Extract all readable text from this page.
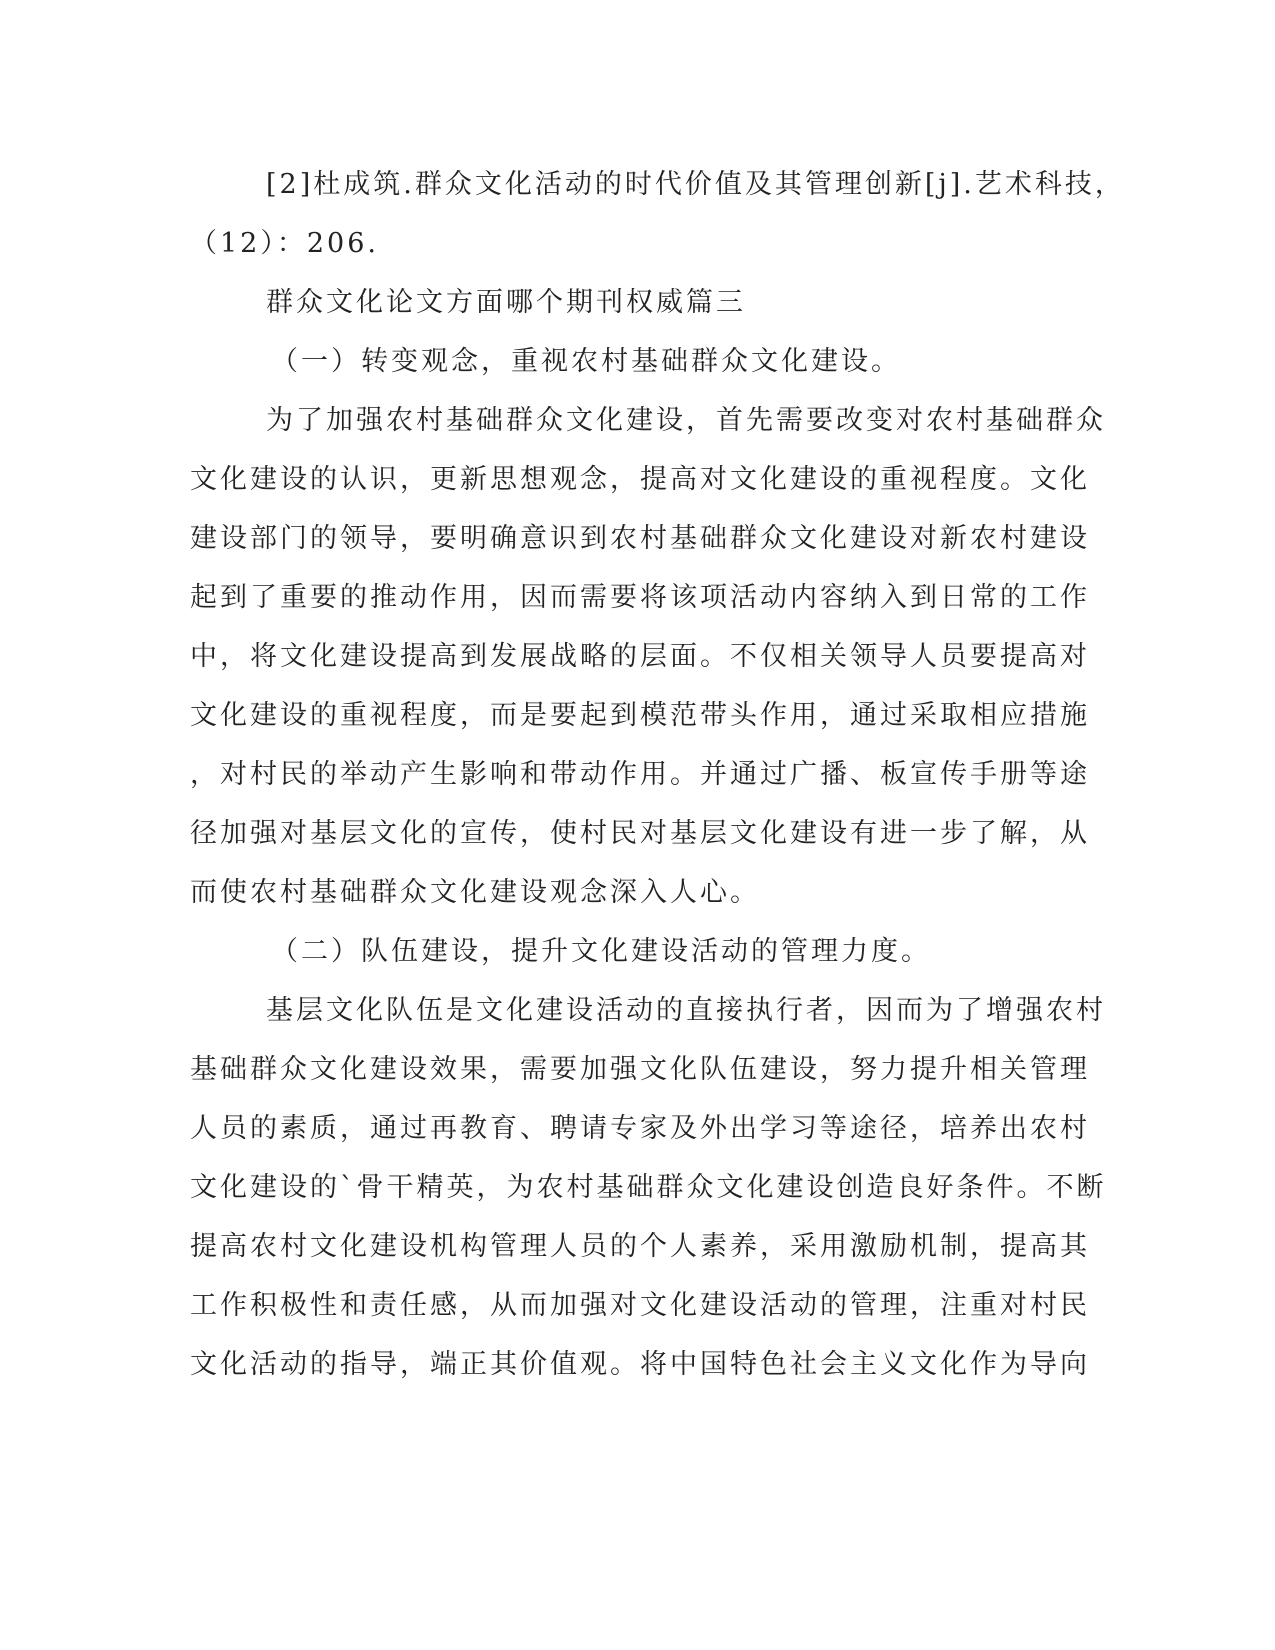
[2]杜成筑.群众文化活动的时代价值及其管理创新[j].艺术科技，
（12）：206.
群众文化论文方面哪个期刊权威篇三
（一）转变观念，重视农村基础群众文化建设。
为了加强农村基础群众文化建设，首先需要改变对农村基础群众
文化建设的认识，更新思想观念，提高对文化建设的重视程度。文化
建设部门的领导，要明确意识到农村基础群众文化建设对新农村建设
起到了重要的推动作用，因而需要将该项活动内容纳入到日常的工作
中，将文化建设提高到发展战略的层面。不仅相关领导人员要提高对
文化建设的重视程度，而是要起到模范带头作用，通过采取相应措施
，对村民的举动产生影响和带动作用。并通过广播、板宣传手册等途
径加强对基层文化的宣传，使村民对基层文化建设有进一步了解，从
而使农村基础群众文化建设观念深入人心。
（二）队伍建设，提升文化建设活动的管理力度。
基层文化队伍是文化建设活动的直接执行者，因而为了增强农村
基础群众文化建设效果，需要加强文化队伍建设，努力提升相关管理
人员的素质，通过再教育、聘请专家及外出学习等途径，培养出农村
文化建设的`骨干精英，为农村基础群众文化建设创造良好条件。不断
提高农村文化建设机构管理人员的个人素养，采用激励机制，提高其
工作积极性和责任感，从而加强对文化建设活动的管理，注重对村民
文化活动的指导，端正其价值观。将中国特色社会主义文化作为导向
